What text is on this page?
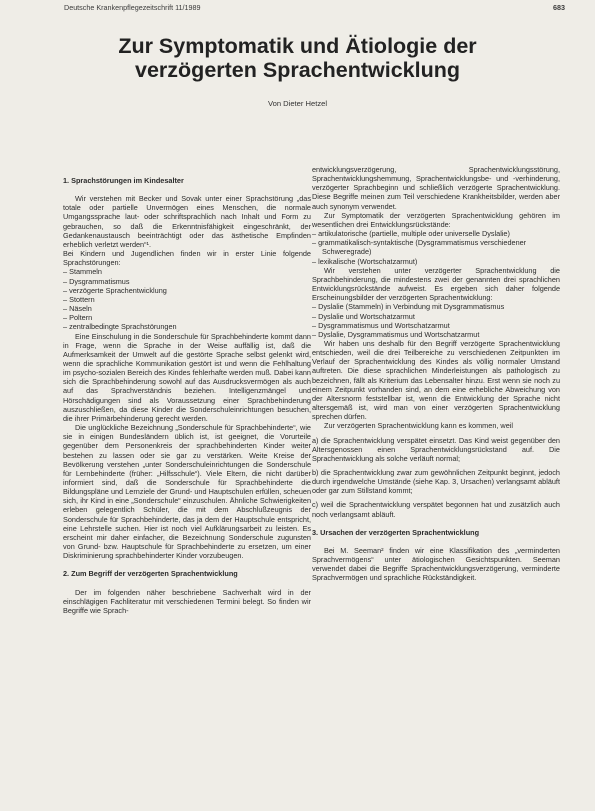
Deutsche Krankenpflegezeitschrift 11/1989	683
Zur Symptomatik und Ätiologie der
verzögerten Sprachentwicklung
Von Dieter Hetzel

1. Sprachstörungen im Kindesalter

Wir verstehen mit Becker und Sovak unter einer Sprachstörung „das totale oder partielle Unvermögen eines Menschen, die normale Umgangssprache laut- oder schriftsprachlich nach Inhalt und Form zu gebrauchen, so daß die Erkenntnisfähigkeit eingeschränkt, der Gedankenaustausch beeinträchtigt oder das ästhetische Empfinden erheblich verletzt werden“¹.

Bei Kindern und Jugendlichen finden wir in erster Linie folgende Sprachstörungen:

– Stammeln
– Dysgrammatismus
– verzögerte Sprachentwicklung
– Stottern
– Näseln
– Poltern
– zentralbedingte Sprachstörungen

Eine Einschulung in die Sonderschule für Sprachbehinderte kommt dann in Frage, wenn die Sprache in der Weise auffällig ist, daß die Aufmerksamkeit der Umwelt auf die gestörte Sprache selbst gelenkt wird, wenn die sprachliche Kommunikation gestört ist und wenn die Fehlhaltung im psycho-sozialen Bereich des Kindes fehlerhafte werden muß. Dabei kann sich die Sprachbehinderung sowohl auf das Ausdrucksvermögen als auch auf das Sprachverständnis beziehen. Intelligenzmängel und Hörschädigungen sind als Voraussetzung einer Sprachbehinderung auszuschließen, da diese Kinder die Sonderschuleinrichtungen besuchen, die ihrer Primärbehinderung gerecht werden.

Die unglückliche Bezeichnung „Sonderschule für Sprachbehinderte“, wie sie in einigen Bundesländern üblich ist, ist geeignet, die Vorurteile gegenüber dem Personenkreis der sprachbehinderten Kinder weiter bestehen zu lassen oder sie gar zu verstärken. Weite Kreise der Bevölkerung verstehen „unter Sonderschuleinrichtungen die Sonderschule für Lernbehinderte (früher: „Hilfsschule“). Viele Eltern, die nicht darüber informiert sind, daß die Sonderschule für Sprachbehinderte die Bildungspläne und Lernziele der Grund- und Hauptschulen erfüllen, scheuen sich, ihr Kind in eine „Sonderschule“ einzuschulen. Ähnliche Schwierigkeiten erleben gelegentlich Schüler, die mit dem Abschlußzeugnis der Sonderschule für Sprachbehinderte, das ja dem der Hauptschule entspricht, eine Lehrstelle suchen. Hier ist noch viel Aufklärungsarbeit zu leisten. Es erscheint mir daher einfacher, die Bezeichnung Sonderschule zugunsten von Grund- bzw. Hauptschule für Sprachbehinderte zu ersetzen, um einer Diskriminierung sprachbehinderter Kinder vorzubeugen.

2. Zum Begriff der verzögerten Sprachentwicklung

Der im folgenden näher beschriebene Sachverhalt wird in der einschlägigen Fachliteratur mit verschiedenen Termini belegt. So finden wir Begriffe wie Sprach-

entwicklungsverzögerung, Sprachentwicklungsstörung, Sprachentwicklungshemmung, Sprachentwicklungsbe- und -verhinderung, verzögerter Sprachbeginn und schließlich verzögerte Sprachentwicklung. Diese Begriffe meinen zum Teil verschiedene Krankheitsbilder, werden aber auch synonym verwendet.

Zur Symptomatik der verzögerten Sprachentwicklung gehören im wesentlichen drei Entwicklungsrückstände:

– artikulatorische (partielle, multiple oder universelle Dyslalie)
– grammatikalisch-syntaktische (Dysgrammatismus verschiedener Schweregrade)
– lexikalische (Wortschatzarmut)

Wir verstehen unter verzögerter Sprachentwicklung die Sprachbehinderung, die mindestens zwei der genannten drei sprachlichen Entwicklungsrückstände aufweist. Es ergeben sich daher folgende Erscheinungsbilder der verzögerten Sprachentwicklung:

– Dyslalie (Stammeln) in Verbindung mit Dysgrammatismus
– Dyslalie und Wortschatzarmut
– Dysgrammatismus und Wortschatzarmut
– Dyslalie, Dysgrammatismus und Wortschatzarmut

Wir haben uns deshalb für den Begriff verzögerte Sprachentwicklung entschieden, weil die drei Teilbereiche zu verschiedenen Zeitpunkten im Verlauf der Sprachentwicklung des Kindes als völlig normaler Umstand auftreten. Die diese sprachlichen Minderleistungen als pathologisch zu bezeichnen, fällt als Kriterium das Lebensalter hinzu. Erst wenn sie noch zu einem Zeitpunkt vorhanden sind, an dem eine erhebliche Abweichung von der Altersnorm feststellbar ist, wenn die Entwicklung der Sprache nicht altersgemäß ist, wird man von einer verzögerten Sprachentwicklung sprechen dürfen.

Zur verzögerten Sprachentwicklung kann es kommen, weil

a) die Sprachentwicklung verspätet einsetzt. Das Kind weist gegenüber den Altersgenossen einen Sprachentwicklungsrückstand auf. Die Sprachentwicklung als solche verläuft normal;

b) die Sprachentwicklung zwar zum gewöhnlichen Zeitpunkt beginnt, jedoch durch irgendwelche Umstände (siehe Kap. 3, Ursachen) verlangsamt abläuft oder gar zum Stillstand kommt;

c) weil die Sprachentwicklung verspätet begonnen hat und zusätzlich auch noch verlangsamt abläuft.

3. Ursachen der verzögerten Sprachentwicklung

Bei M. Seeman² finden wir eine Klassifikation des „verminderten Sprachvermögens“ unter ätiologischen Gesichtspunkten. Seeman verwendet dabei die Begriffe Sprachentwicklungsverzögerung, verminderte Sprachvermögen und sprachliche Rückständigkeit.
